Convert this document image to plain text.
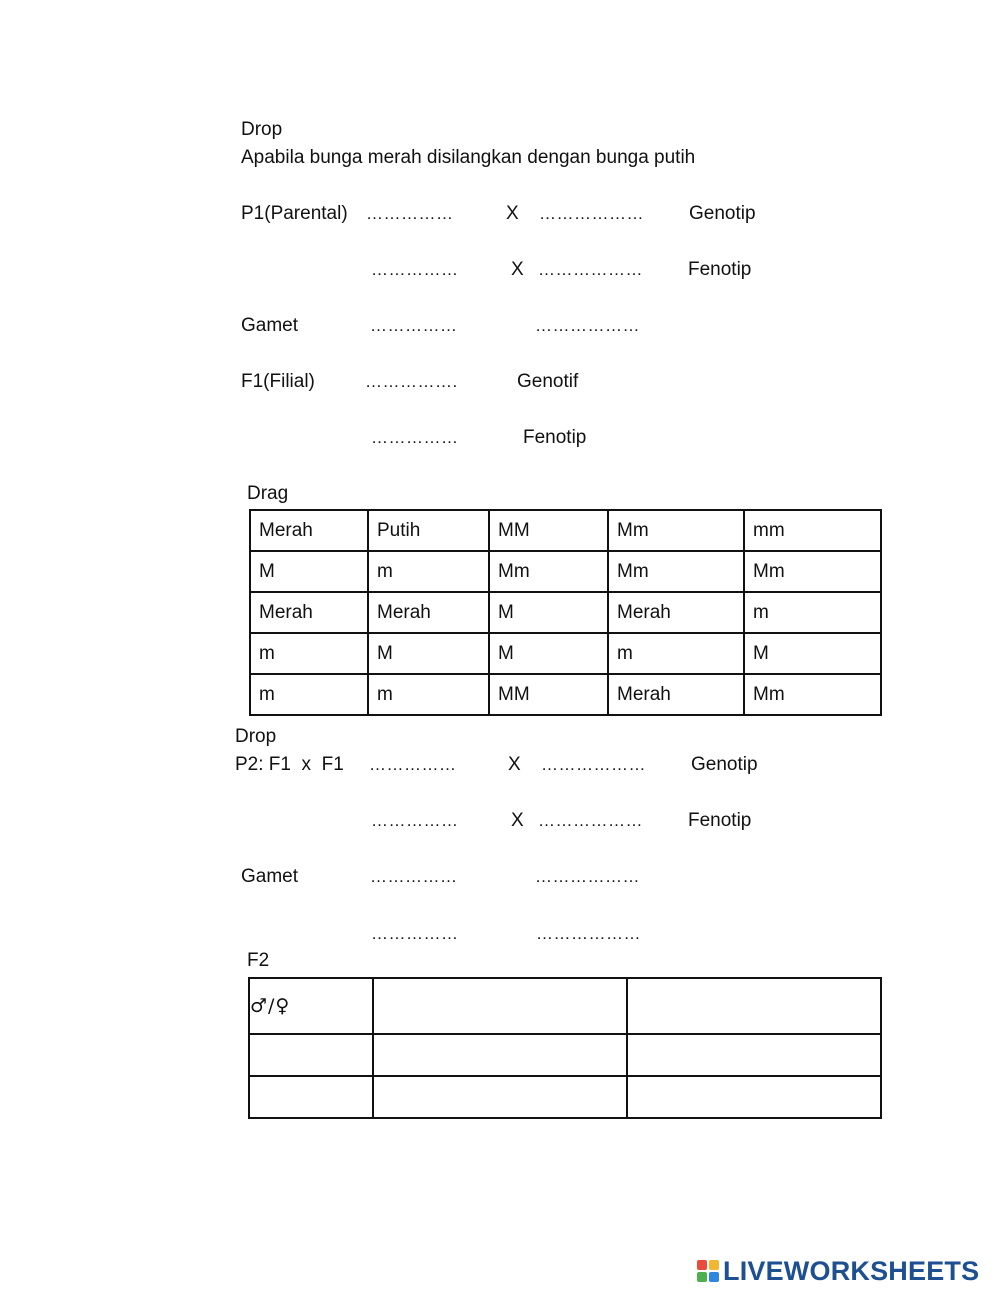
Drop
Apabila bunga merah disilangkan dengan bunga putih
P1(Parental) ……………	X ……………… Genotip
……………	X ……………… Fenotip
Gamet	……………	………………
F1(Filial)	…………….	Genotif
……………	Fenotip
Drag
Merah	Putih	MM	Mm	mm
M	m	Mm	Mm	Mm
Merah	Merah	M	Merah	m
m	M	M	m	M
m	m	MM	Merah	Mm
Drop
P2: F1  x  F1 ……………	X ……………… Genotip
……………	X ……………… Fenotip
Gamet	……………	………………
……………	………………
F2
♂/♀		

LIVEWORKSHEETS
